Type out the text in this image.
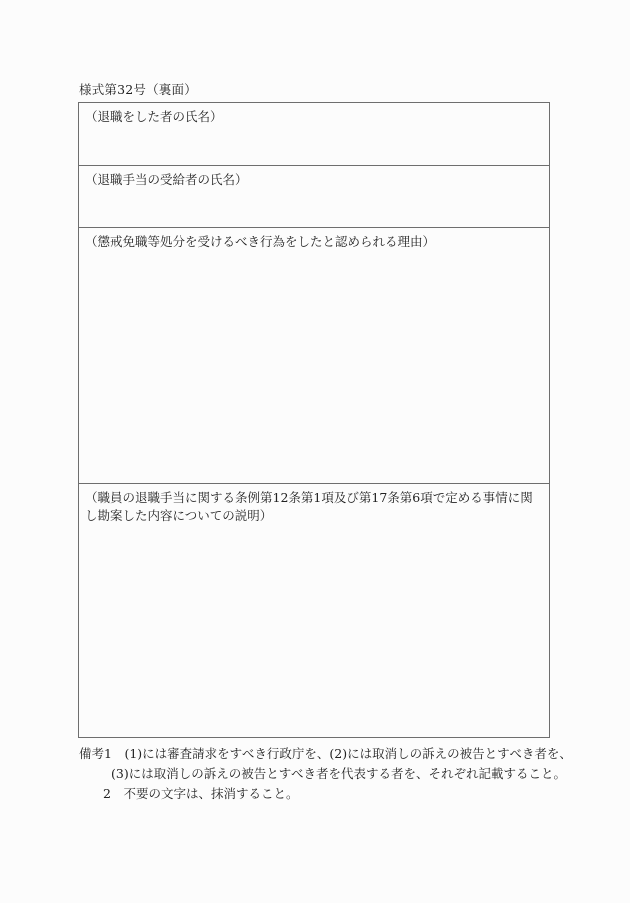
様式第32号（裏面）
（退職をした者の氏名）
（退職手当の受給者の氏名）
（懲戒免職等処分を受けるべき行為をしたと認められる理由）
（職員の退職手当に関する条例第12条第1項及び第17条第6項で定める事情に関し勘案した内容についての説明）
備考1　(1)には審査請求をすべき行政庁を、(2)には取消しの訴えの被告とすべき者を、
(3)には取消しの訴えの被告とすべき者を代表する者を、それぞれ記載すること。
2　不要の文字は、抹消すること。
